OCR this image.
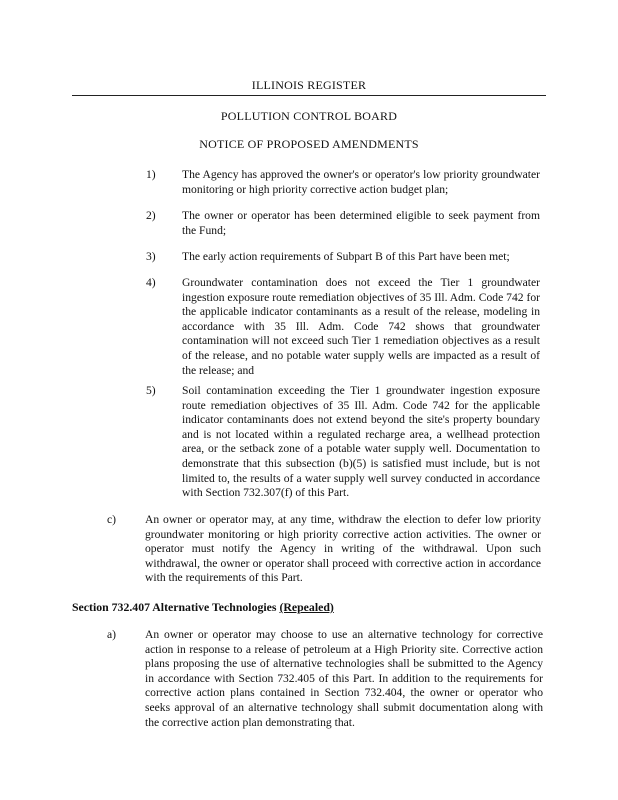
ILLINOIS REGISTER
POLLUTION CONTROL BOARD
NOTICE OF PROPOSED AMENDMENTS
1) The Agency has approved the owner's or operator's low priority groundwater monitoring or high priority corrective action budget plan;
2) The owner or operator has been determined eligible to seek payment from the Fund;
3) The early action requirements of Subpart B of this Part have been met;
4) Groundwater contamination does not exceed the Tier 1 groundwater ingestion exposure route remediation objectives of 35 Ill. Adm. Code 742 for the applicable indicator contaminants as a result of the release, modeling in accordance with 35 Ill. Adm. Code 742 shows that groundwater contamination will not exceed such Tier 1 remediation objectives as a result of the release, and no potable water supply wells are impacted as a result of the release; and
5) Soil contamination exceeding the Tier 1 groundwater ingestion exposure route remediation objectives of 35 Ill. Adm. Code 742 for the applicable indicator contaminants does not extend beyond the site's property boundary and is not located within a regulated recharge area, a wellhead protection area, or the setback zone of a potable water supply well. Documentation to demonstrate that this subsection (b)(5) is satisfied must include, but is not limited to, the results of a water supply well survey conducted in accordance with Section 732.307(f) of this Part.
c) An owner or operator may, at any time, withdraw the election to defer low priority groundwater monitoring or high priority corrective action activities. The owner or operator must notify the Agency in writing of the withdrawal. Upon such withdrawal, the owner or operator shall proceed with corrective action in accordance with the requirements of this Part.
Section 732.407 Alternative Technologies (Repealed)
a) An owner or operator may choose to use an alternative technology for corrective action in response to a release of petroleum at a High Priority site. Corrective action plans proposing the use of alternative technologies shall be submitted to the Agency in accordance with Section 732.405 of this Part. In addition to the requirements for corrective action plans contained in Section 732.404, the owner or operator who seeks approval of an alternative technology shall submit documentation along with the corrective action plan demonstrating that.
